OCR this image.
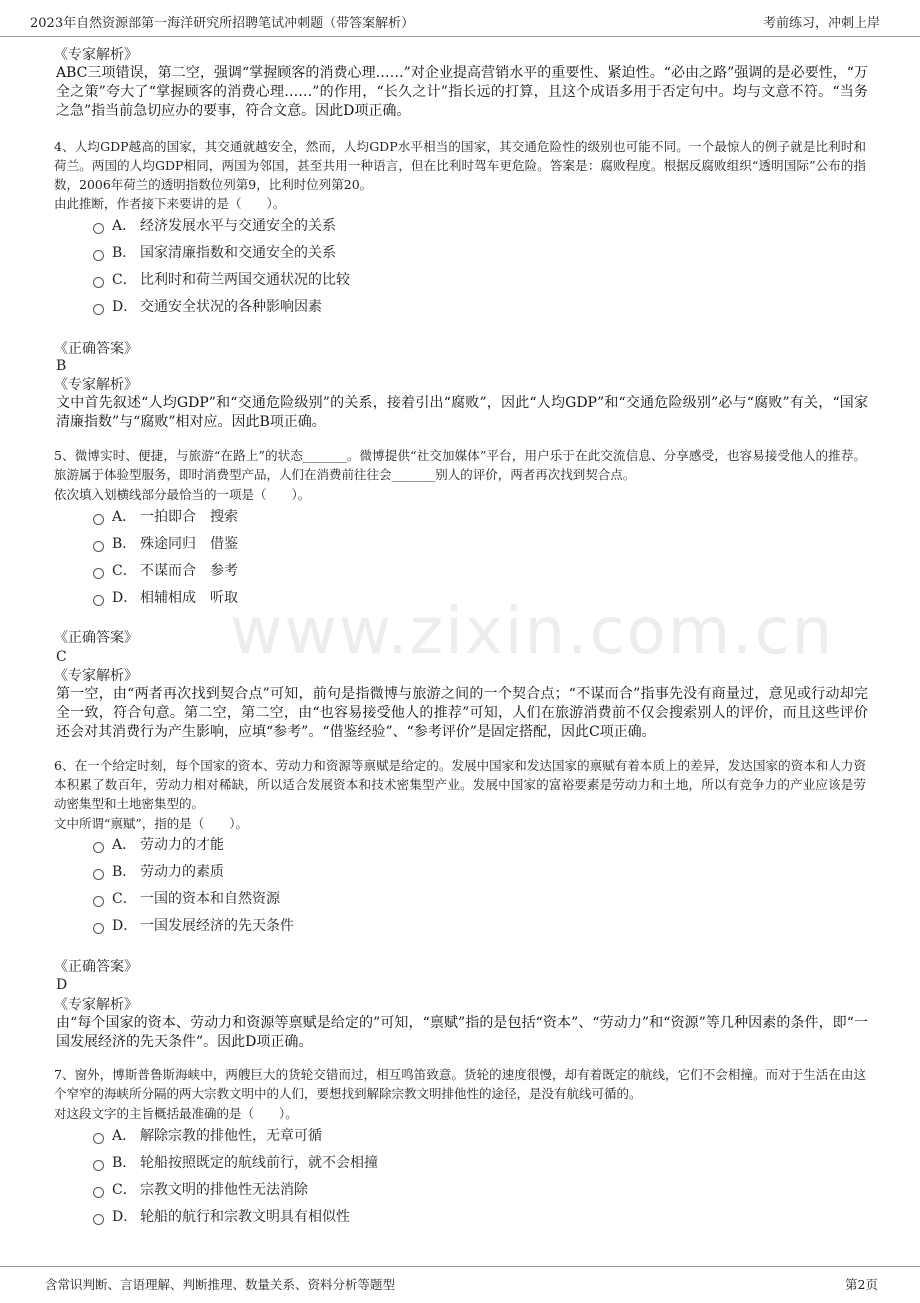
2023年自然资源部第一海洋研究所招聘笔试冲刺题（带答案解析）	考前练习，冲刺上岸
www.zixin.com.cn
《专家解析》
ABC三项错误，第二空，强调“掌握顾客的消费心理……”对企业提高营销水平的重要性、紧迫性。“必由之路”强调的是必要性，“万全之策”夸大了“掌握顾客的消费心理……”的作用，“长久之计”指长远的打算，且这个成语多用于否定句中。均与文意不符。“当务之急”指当前急切应办的要事，符合文意。因此D项正确。
4、人均GDP越高的国家，其交通就越安全，然而，人均GDP水平相当的国家，其交通危险性的级别也可能不同。一个最惊人的例子就是比利时和荷兰。两国的人均GDP相同，两国为邻国，甚至共用一种语言，但在比利时驾车更危险。答案是：腐败程度。根据反腐败组织“透明国际”公布的指数，2006年荷兰的透明指数位列第9，比利时位列第20。
由此推断，作者接下来要讲的是（　　）。
A． 经济发展水平与交通安全的关系
B． 国家清廉指数和交通安全的关系
C． 比利时和荷兰两国交通状况的比较
D． 交通安全状况的各种影响因素
《正确答案》
B
《专家解析》
文中首先叙述“人均GDP”和“交通危险级别”的关系，接着引出“腐败”，因此“人均GDP”和“交通危险级别”必与“腐败”有关，“国家清廉指数”与“腐败”相对应。因此B项正确。
5、微博实时、便捷，与旅游“在路上”的状态_______。微博提供“社交加媒体”平台，用户乐于在此交流信息、分享感受，也容易接受他人的推荐。旅游属于体验型服务，即时消费型产品，人们在消费前往往会_______别人的评价，两者再次找到契合点。
依次填入划横线部分最恰当的一项是（　　）。
A． 一拍即合　搜索
B． 殊途同归　借鉴
C． 不谋而合　参考
D． 相辅相成　听取
《正确答案》
C
《专家解析》
第一空，由“两者再次找到契合点”可知，前句是指微博与旅游之间的一个契合点；“不谋而合”指事先没有商量过，意见或行动却完全一致，符合句意。第二空，第二空，由“也容易接受他人的推荐”可知，人们在旅游消费前不仅会搜索别人的评价，而且这些评价还会对其消费行为产生影响，应填“参考”。“借鉴经验”、“参考评价”是固定搭配，因此C项正确。
6、在一个给定时刻，每个国家的资本、劳动力和资源等禀赋是给定的。发展中国家和发达国家的禀赋有着本质上的差异，发达国家的资本和人力资本积累了数百年，劳动力相对稀缺，所以适合发展资本和技术密集型产业。发展中国家的富裕要素是劳动力和土地，所以有竞争力的产业应该是劳动密集型和土地密集型的。
文中所谓“禀赋”，指的是（　　）。
A． 劳动力的才能
B． 劳动力的素质
C． 一国的资本和自然资源
D． 一国发展经济的先天条件
《正确答案》
D
《专家解析》
由“每个国家的资本、劳动力和资源等禀赋是给定的”可知，“禀赋”指的是包括“资本”、“劳动力”和“资源”等几种因素的条件，即“一国发展经济的先天条件”。因此D项正确。
7、窗外，博斯普鲁斯海峡中，两艘巨大的货轮交错而过，相互鸣笛致意。货轮的速度很慢，却有着既定的航线，它们不会相撞。而对于生活在由这个窄窄的海峡所分隔的两大宗教文明中的人们，要想找到解除宗教文明排他性的途径，是没有航线可循的。
对这段文字的主旨概括最准确的是（　　）。
A． 解除宗教的排他性，无章可循
B． 轮船按照既定的航线前行，就不会相撞
C． 宗教文明的排他性无法消除
D． 轮船的航行和宗教文明具有相似性
含常识判断、言语理解、判断推理、数量关系、资料分析等题型	第2页
